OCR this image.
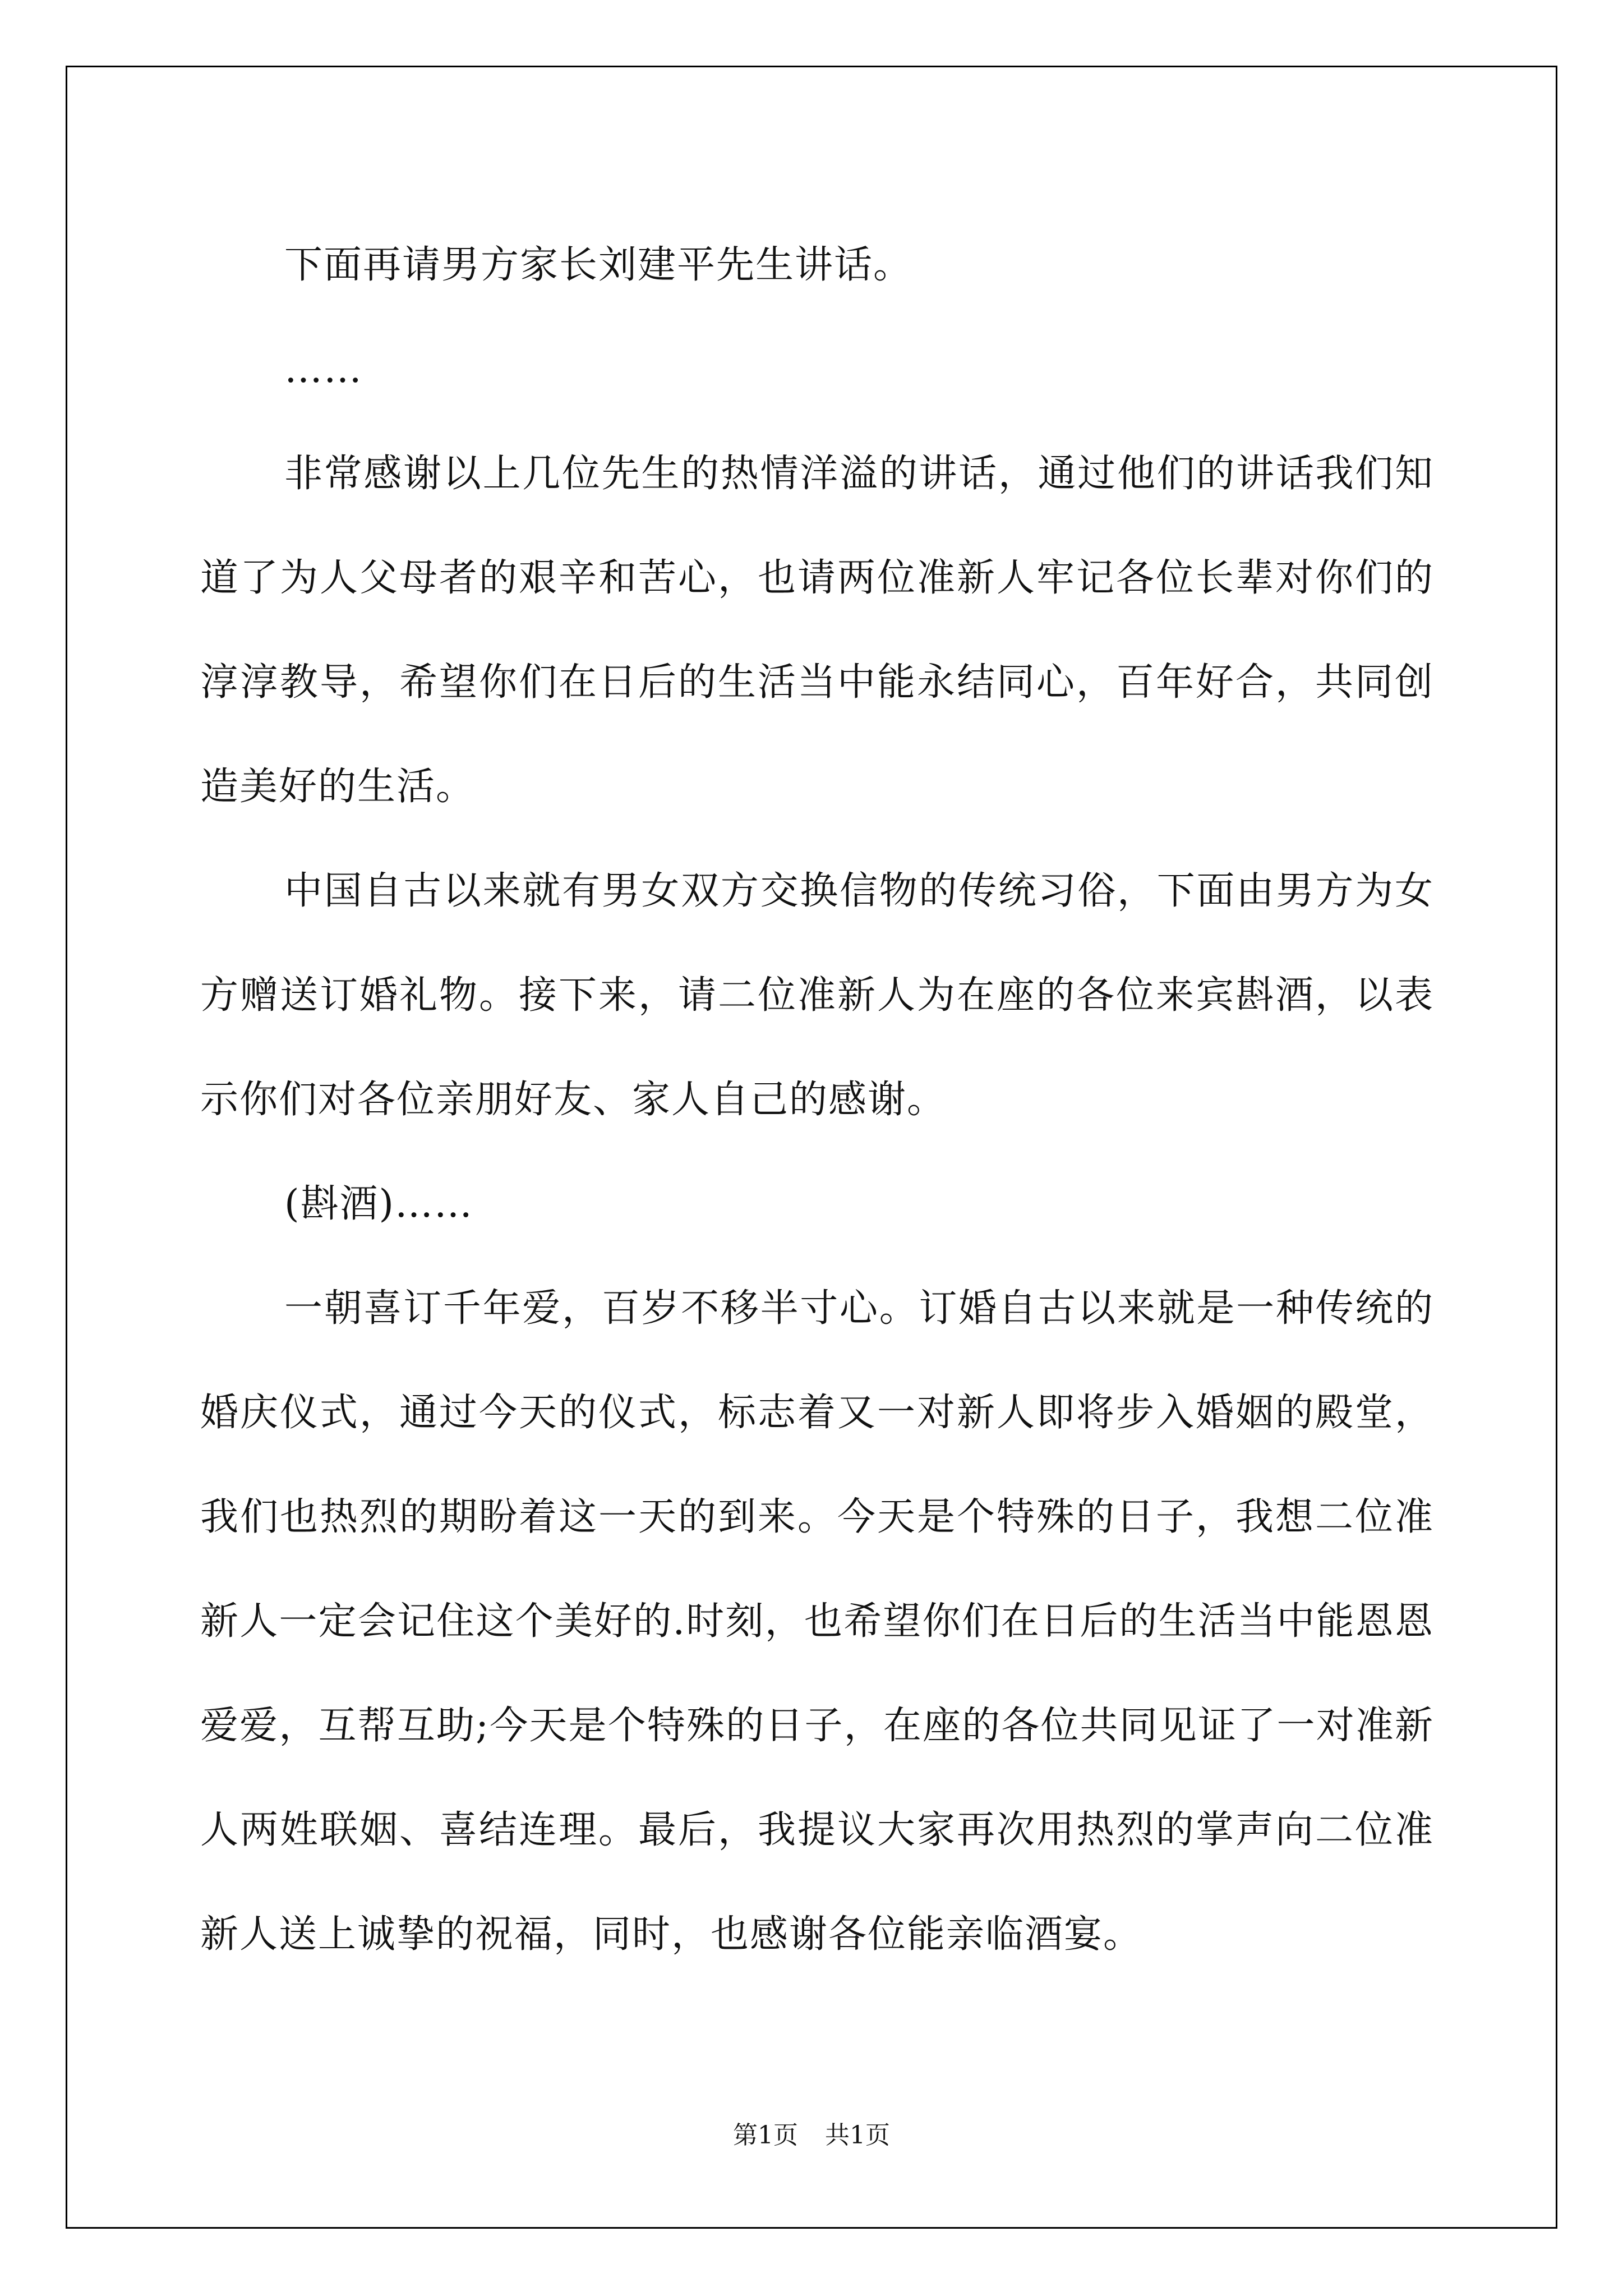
下面再请男方家长刘建平先生讲话。

……

非常感谢以上几位先生的热情洋溢的讲话，通过他们的讲话我们知道了为人父母者的艰辛和苦心，也请两位准新人牢记各位长辈对你们的淳淳教导，希望你们在日后的生活当中能永结同心，百年好合，共同创造美好的生活。

中国自古以来就有男女双方交换信物的传统习俗，下面由男方为女方赠送订婚礼物。接下来，请二位准新人为在座的各位来宾斟酒，以表示你们对各位亲朋好友、家人自己的感谢。

(斟酒)……

一朝喜订千年爱，百岁不移半寸心。订婚自古以来就是一种传统的婚庆仪式，通过今天的仪式，标志着又一对新人即将步入婚姻的殿堂，我们也热烈的期盼着这一天的到来。今天是个特殊的日子，我想二位准新人一定会记住这个美好的.时刻，也希望你们在日后的生活当中能恩恩爱爱，互帮互助;今天是个特殊的日子，在座的各位共同见证了一对准新人两姓联姻、喜结连理。最后，我提议大家再次用热烈的掌声向二位准新人送上诚挚的祝福，同时，也感谢各位能亲临酒宴。

第1页 共1页
